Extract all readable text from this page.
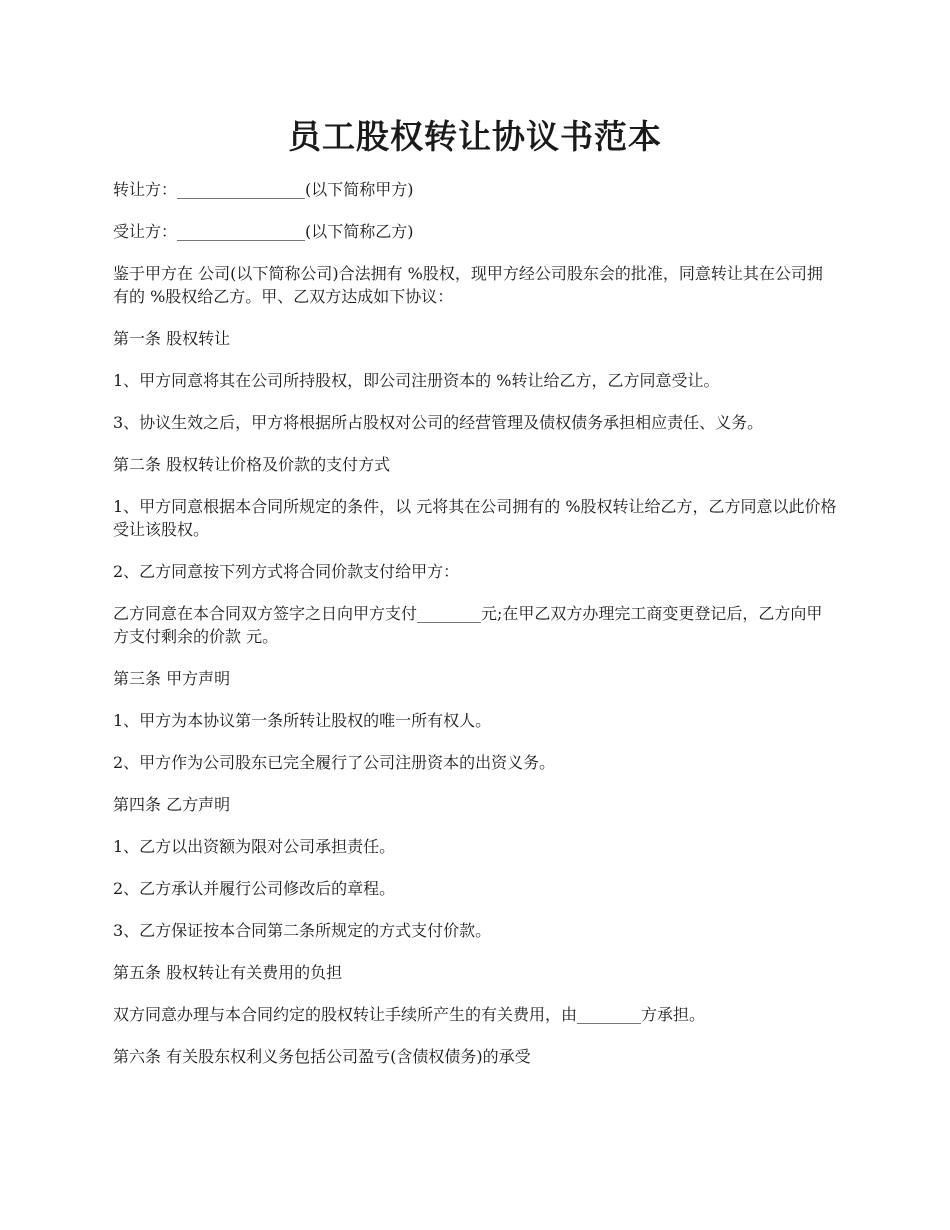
员工股权转让协议书范本

转让方：________________(以下简称甲方)

受让方：________________(以下简称乙方)

鉴于甲方在 公司(以下简称公司)合法拥有 %股权，现甲方经公司股东会的批准，同意转让其在公司拥有的 %股权给乙方。甲、乙双方达成如下协议：

第一条 股权转让

1、甲方同意将其在公司所持股权，即公司注册资本的 %转让给乙方，乙方同意受让。

3、协议生效之后，甲方将根据所占股权对公司的经营管理及债权债务承担相应责任、义务。

第二条 股权转让价格及价款的支付方式

1、甲方同意根据本合同所规定的条件，以 元将其在公司拥有的 %股权转让给乙方，乙方同意以此价格受让该股权。

2、乙方同意按下列方式将合同价款支付给甲方：

乙方同意在本合同双方签字之日向甲方支付________元;在甲乙双方办理完工商变更登记后，乙方向甲方支付剩余的价款 元。

第三条 甲方声明

1、甲方为本协议第一条所转让股权的唯一所有权人。

2、甲方作为公司股东已完全履行了公司注册资本的出资义务。

第四条 乙方声明

1、乙方以出资额为限对公司承担责任。

2、乙方承认并履行公司修改后的章程。

3、乙方保证按本合同第二条所规定的方式支付价款。

第五条 股权转让有关费用的负担

双方同意办理与本合同约定的股权转让手续所产生的有关费用，由________方承担。

第六条 有关股东权利义务包括公司盈亏(含债权债务)的承受
